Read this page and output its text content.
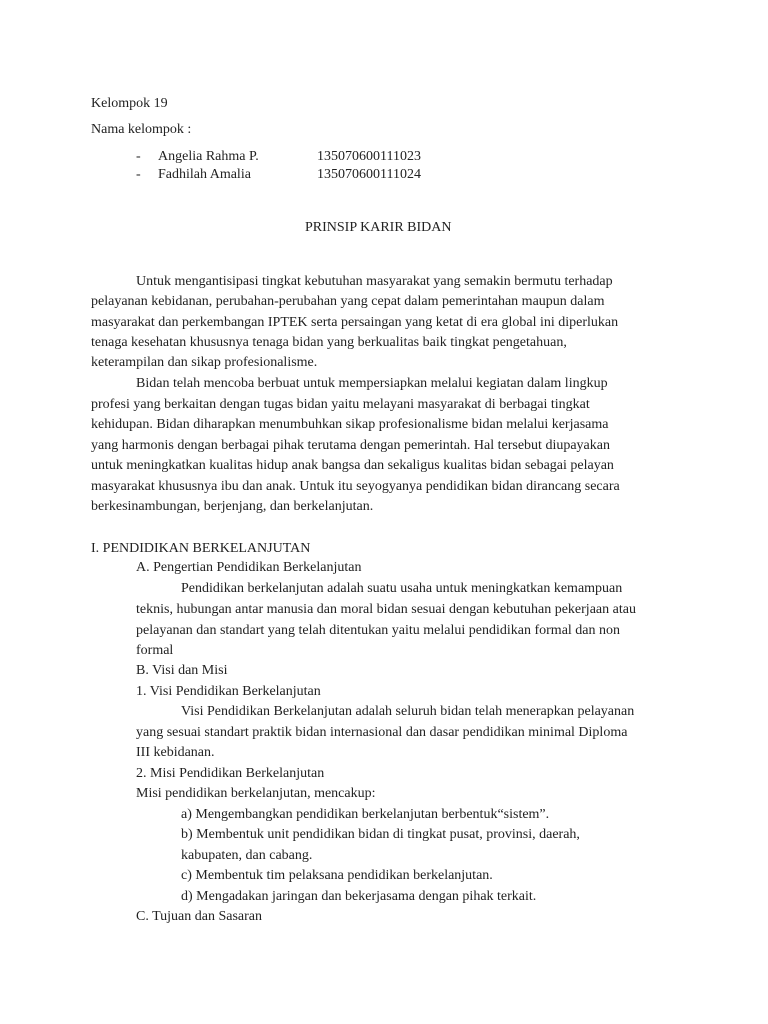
Kelompok 19
Nama kelompok :
- Angelia Rahma P.	135070600111023
- Fadhilah Amalia	135070600111024
PRINSIP KARIR BIDAN
Untuk mengantisipasi tingkat kebutuhan masyarakat yang semakin bermutu terhadap
pelayanan kebidanan, perubahan-perubahan yang cepat dalam pemerintahan maupun dalam
masyarakat dan perkembangan IPTEK serta persaingan yang ketat di era global ini diperlukan
tenaga kesehatan khususnya tenaga bidan yang berkualitas baik tingkat pengetahuan,
keterampilan dan sikap profesionalisme.
Bidan telah mencoba berbuat untuk mempersiapkan melalui kegiatan dalam lingkup
profesi yang berkaitan dengan tugas bidan yaitu melayani masyarakat di berbagai tingkat
kehidupan. Bidan diharapkan menumbuhkan sikap profesionalisme bidan melalui kerjasama
yang harmonis dengan berbagai pihak terutama dengan pemerintah. Hal tersebut diupayakan
untuk meningkatkan kualitas hidup anak bangsa dan sekaligus kualitas bidan sebagai pelayan
masyarakat khususnya ibu dan anak. Untuk itu seyogyanya pendidikan bidan dirancang secara
berkesinambungan, berjenjang, dan berkelanjutan.
I. PENDIDIKAN BERKELANJUTAN
A. Pengertian Pendidikan Berkelanjutan
Pendidikan berkelanjutan adalah suatu usaha untuk meningkatkan kemampuan
teknis, hubungan antar manusia dan moral bidan sesuai dengan kebutuhan pekerjaan atau
pelayanan dan standart yang telah ditentukan yaitu melalui pendidikan formal dan non
formal
B. Visi dan Misi
1. Visi Pendidikan Berkelanjutan
Visi Pendidikan Berkelanjutan adalah seluruh bidan telah menerapkan pelayanan
yang sesuai standart praktik bidan internasional dan dasar pendidikan minimal Diploma
III kebidanan.
2. Misi Pendidikan Berkelanjutan
Misi pendidikan berkelanjutan, mencakup:
a) Mengembangkan pendidikan berkelanjutan berbentuk“sistem”.
b) Membentuk unit pendidikan bidan di tingkat pusat, provinsi, daerah,
kabupaten, dan cabang.
c) Membentuk tim pelaksana pendidikan berkelanjutan.
d) Mengadakan jaringan dan bekerjasama dengan pihak terkait.
C. Tujuan dan Sasaran
